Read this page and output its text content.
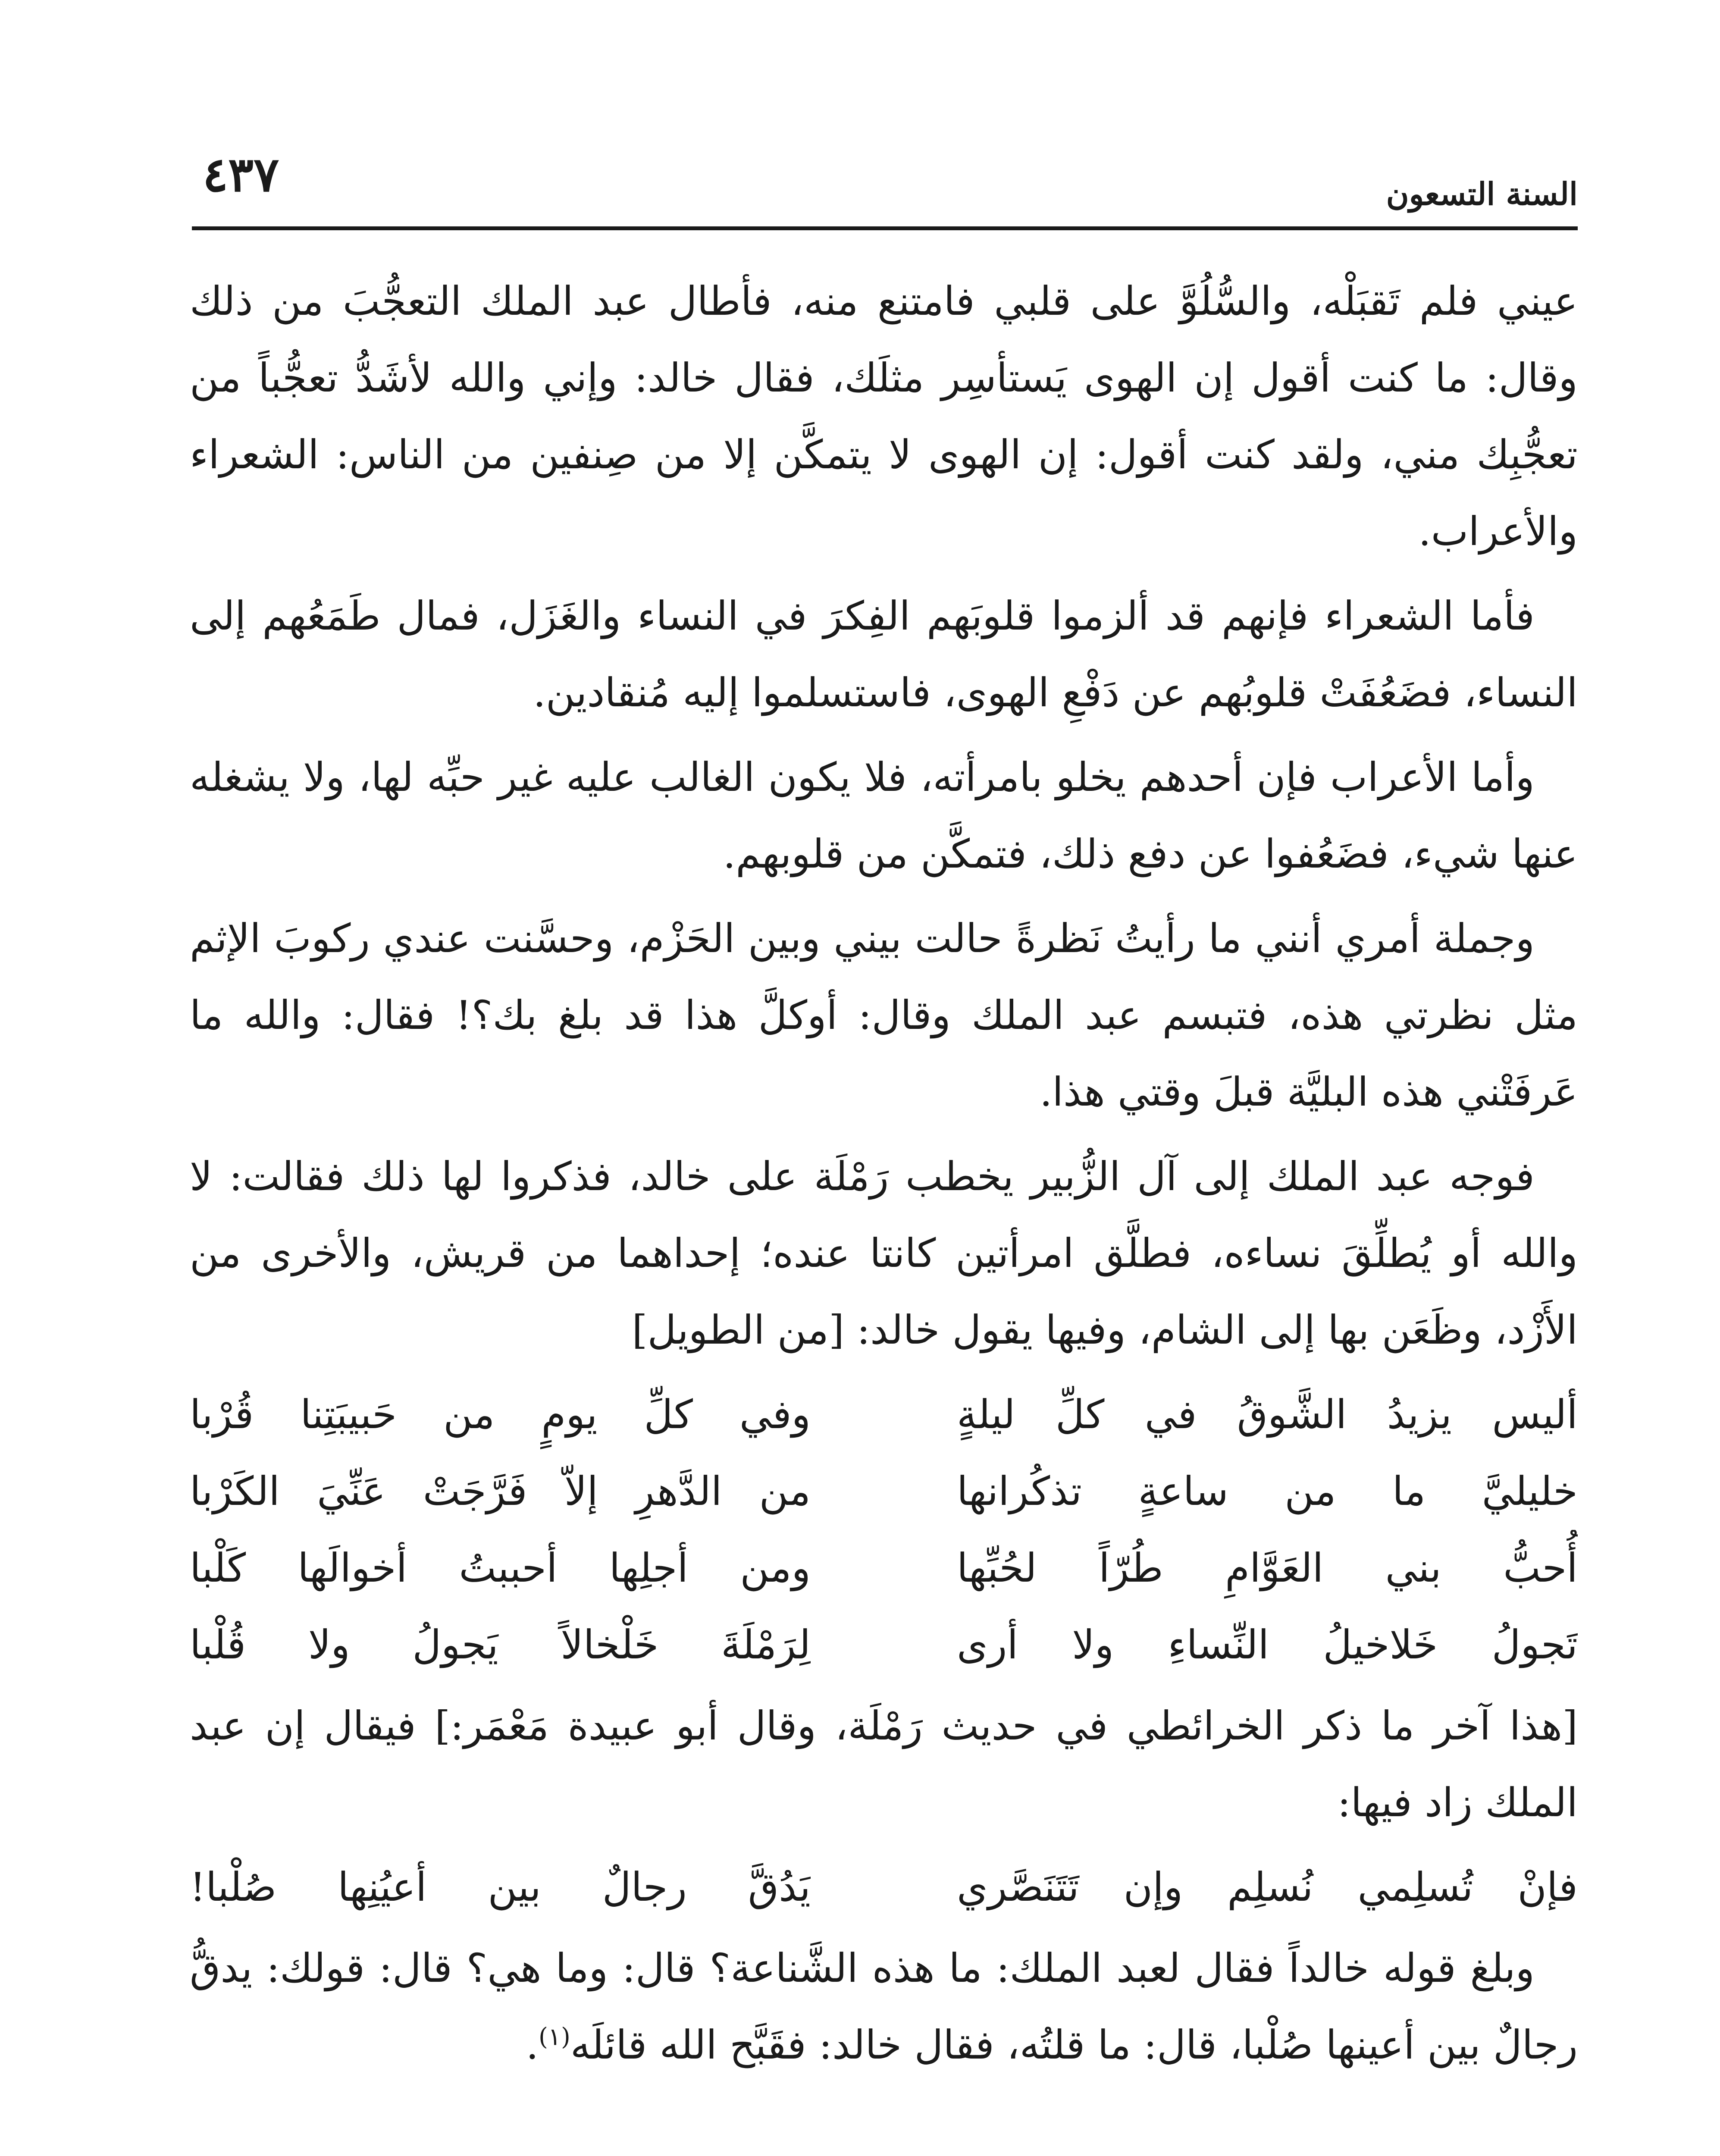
السنة التسعون
٤٣٧

عيني فلم تَقبَلْه، والسُّلُوَّ على قلبي فامتنع منه، فأطال عبد الملك التعجُّبَ من ذلك وقال: ما كنت أقول إن الهوى يَستأسِر مثلَك، فقال خالد: وإني والله لأشَدُّ تعجُّباً من تعجُّبِك مني، ولقد كنت أقول: إن الهوى لا يتمكَّن إلا من صِنفين من الناس: الشعراء والأعراب.

فأما الشعراء فإنهم قد ألزموا قلوبَهم الفِكرَ في النساء والغَزَل، فمال طَمَعُهم إلى النساء، فضَعُفَتْ قلوبُهم عن دَفْعِ الهوى، فاستسلموا إليه مُنقادين.

وأما الأعراب فإن أحدهم يخلو بامرأته، فلا يكون الغالب عليه غير حبِّه لها، ولا يشغله عنها شيء، فضَعُفوا عن دفع ذلك، فتمكَّن من قلوبهم.

وجملة أمري أنني ما رأيتُ نَظرةً حالت بيني وبين الحَزْم، وحسَّنت عندي ركوبَ الإثم مثل نظرتي هذه، فتبسم عبد الملك وقال: أوكلَّ هذا قد بلغ بك؟! فقال: والله ما عَرفَتْني هذه البليَّة قبلَ وقتي هذا.

فوجه عبد الملك إلى آل الزُّبير يخطب رَمْلَة على خالد، فذكروا لها ذلك فقالت: لا والله أو يُطلِّقَ نساءه، فطلَّق امرأتين كانتا عنده؛ إحداهما من قريش، والأخرى من الأَزْد، وظَعَن بها إلى الشام، وفيها يقول خالد: [من الطويل]

أليس يزيدُ الشَّوقُ في كلِّ ليلةٍ
وفي كلِّ يومٍ من حَبيبَتِنا قُرْبا
خليليَّ ما من ساعةٍ تذكُرانها
من الدَّهرِ إلاّ فَرَّجَتْ عَنِّيَ الكَرْبا
أُحبُّ بني العَوَّامِ طُرّاً لحُبِّها
ومن أجلِها أحببتُ أخوالَها كَلْبا
تَجولُ خَلاخيلُ النِّساءِ ولا أرى
لِرَمْلَةَ خَلْخالاً يَجولُ ولا قُلْبا

[هذا آخر ما ذكر الخرائطي في حديث رَمْلَة، وقال أبو عبيدة مَعْمَر:] فيقال إن عبد الملك زاد فيها:

فإنْ تُسلِمي نُسلِم وإن تَتَنَصَّري
يَدُقَّ رجالٌ بين أعيُنِها صُلْبا!

وبلغ قوله خالداً فقال لعبد الملك: ما هذه الشَّناعة؟ قال: وما هي؟ قال: قولك: يدقُّ رجالٌ بين أعينها صُلْبا، قال: ما قلتُه، فقال خالد: فقَبَّح الله قائلَه$^{(١)}$.
